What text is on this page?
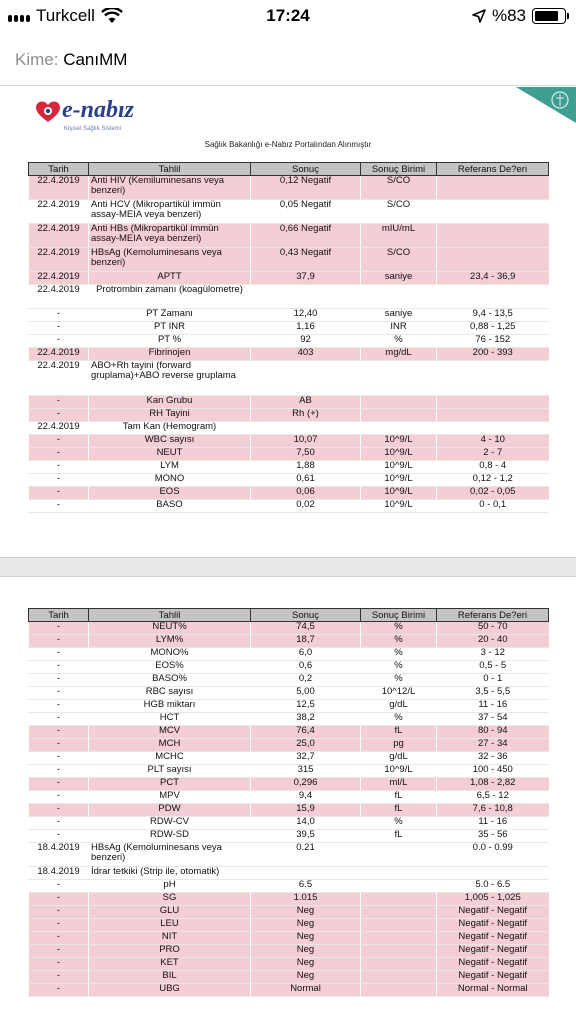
Turkcell	17:24	%83
Kime: CanıMM
e-nabız
Kişisel Sağlık Sistemi
Sağlık Bakanlığı e-Nabız Portalından Alınmıştır
Tarih	Tahlil	Sonuç	Sonuç Birimi	Referans De?eri
22.4.2019	Anti HIV (Kemiluminesans veya benzeri)	0,12 Negatif	S/CO	
22.4.2019	Anti HCV (Mikropartikül immün assay-MEIA veya benzeri)	0,05 Negatif	S/CO	
22.4.2019	Anti HBs (Mikropartikül immün assay-MEIA veya benzeri)	0,66 Negatif	mIU/mL	
22.4.2019	HBsAg (Kemoluminesans veya benzeri)	0,43 Negatif	S/CO	
22.4.2019	APTT	37,9	saniye	23,4 - 36,9
22.4.2019	Protrombin zamanı (koagülometre)			
-	PT Zamanı	12,40	saniye	9,4 - 13,5
-	PT INR	1,16	INR	0,88 - 1,25
-	PT %	92	%	76 - 152
22.4.2019	Fibrinojen	403	mg/dL	200 - 393
22.4.2019	ABO+Rh tayini (forward gruplama)+ABO reverse gruplama			
-	Kan Grubu	AB		
-	RH Tayini	Rh (+)		
22.4.2019	Tam Kan (Hemogram)			
-	WBC sayısı	10,07	10^9/L	4 - 10
-	NEUT	7,50	10^9/L	2 - 7
-	LYM	1,88	10^9/L	0,8 - 4
-	MONO	0,61	10^9/L	0,12 - 1,2
-	EOS	0,06	10^9/L	0,02 - 0,05
-	BASO	0,02	10^9/L	0 - 0,1
Tarih	Tahlil	Sonuç	Sonuç Birimi	Referans De?eri
-	NEUT%	74,5	%	50 - 70
-	LYM%	18,7	%	20 - 40
-	MONO%	6,0	%	3 - 12
-	EOS%	0,6	%	0,5 - 5
-	BASO%	0,2	%	0 - 1
-	RBC sayısı	5,00	10^12/L	3,5 - 5,5
-	HGB miktarı	12,5	g/dL	11 - 16
-	HCT	38,2	%	37 - 54
-	MCV	76,4	fL	80 - 94
-	MCH	25,0	pg	27 - 34
-	MCHC	32,7	g/dL	32 - 36
-	PLT sayısı	315	10^9/L	100 - 450
-	PCT	0,296	ml/L	1,08 - 2,82
-	MPV	9,4	fL	6,5 - 12
-	PDW	15,9	fL	7,6 - 10,8
-	RDW-CV	14,0	%	11 - 16
-	RDW-SD	39,5	fL	35 - 56
18.4.2019	HBsAg (Kemoluminesans veya benzeri)	0.21		0.0 - 0.99
18.4.2019	İdrar tetkiki (Strip ile, otomatik)			
-	pH	6.5		5.0 - 6.5
-	SG	1.015		1,005 - 1,025
-	GLU	Neg		Negatif - Negatif
-	LEU	Neg		Negatif - Negatif
-	NIT	Neg		Negatif - Negatif
-	PRO	Neg		Negatif - Negatif
-	KET	Neg		Negatif - Negatif
-	BIL	Neg		Negatif - Negatif
-	UBG	Normal		Normal - Normal
